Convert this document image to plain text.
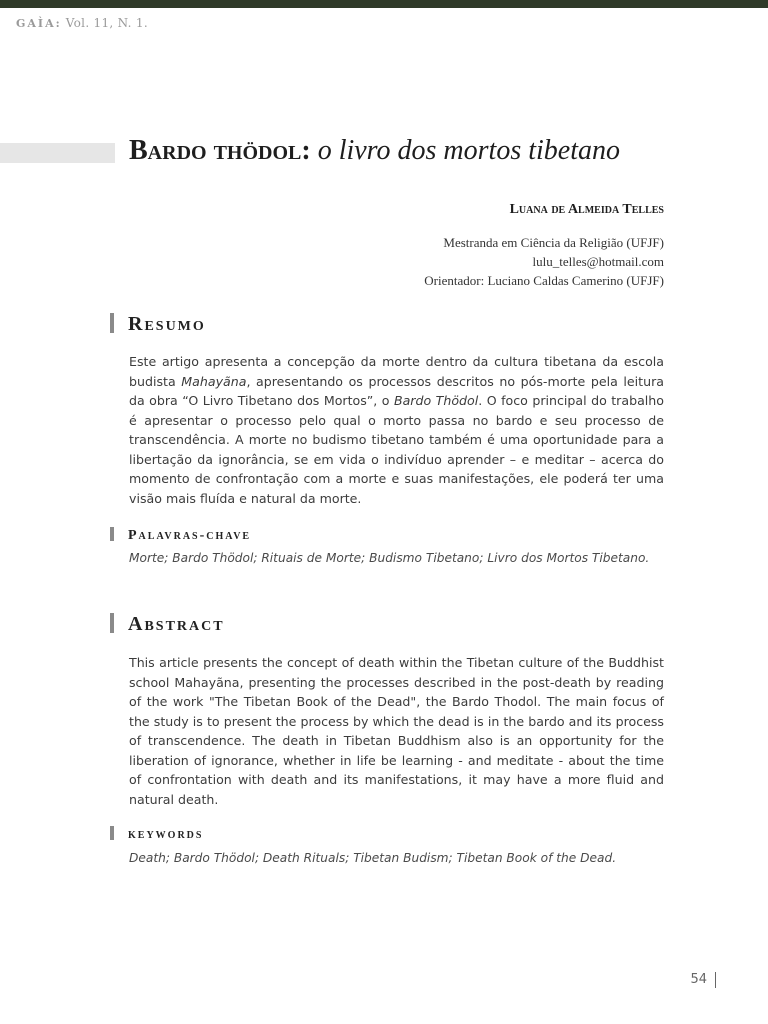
GAÌA: Vol. 11, N. 1.
Bardo thödol: o livro dos mortos tibetano
Luana de Almeida Telles
Mestranda em Ciência da Religião (UFJF)
lulu_telles@hotmail.com
Orientador: Luciano Caldas Camerino (UFJF)
Resumo
Este artigo apresenta a concepção da morte dentro da cultura tibetana da escola budista Mahayãna, apresentando os processos descritos no pós-morte pela leitura da obra “O Livro Tibetano dos Mortos”, o Bardo Thödol. O foco principal do trabalho é apresentar o processo pelo qual o morto passa no bardo e seu processo de transcendência. A morte no budismo tibetano também é uma oportunidade para a libertação da ignorância, se em vida o indivíduo aprender – e meditar – acerca do momento de confrontação com a morte e suas manifestações, ele poderá ter uma visão mais fluída e natural da morte.
Palavras-chave
Morte; Bardo Thödol; Rituais de Morte; Budismo Tibetano; Livro dos Mortos Tibetano.
Abstract
This article presents the concept of death within the Tibetan culture of the Buddhist school Mahayãna, presenting the processes described in the post-death by reading of the work "The Tibetan Book of the Dead", the Bardo Thodol. The main focus of the study is to present the process by which the dead is in the bardo and its process of transcendence. The death in Tibetan Buddhism also is an opportunity for the liberation of ignorance, whether in life be learning - and meditate - about the time of confrontation with death and its manifestations, it may have a more fluid and natural death.
keywords
Death; Bardo Thödol; Death Rituals; Tibetan Budism; Tibetan Book of the Dead.
54
